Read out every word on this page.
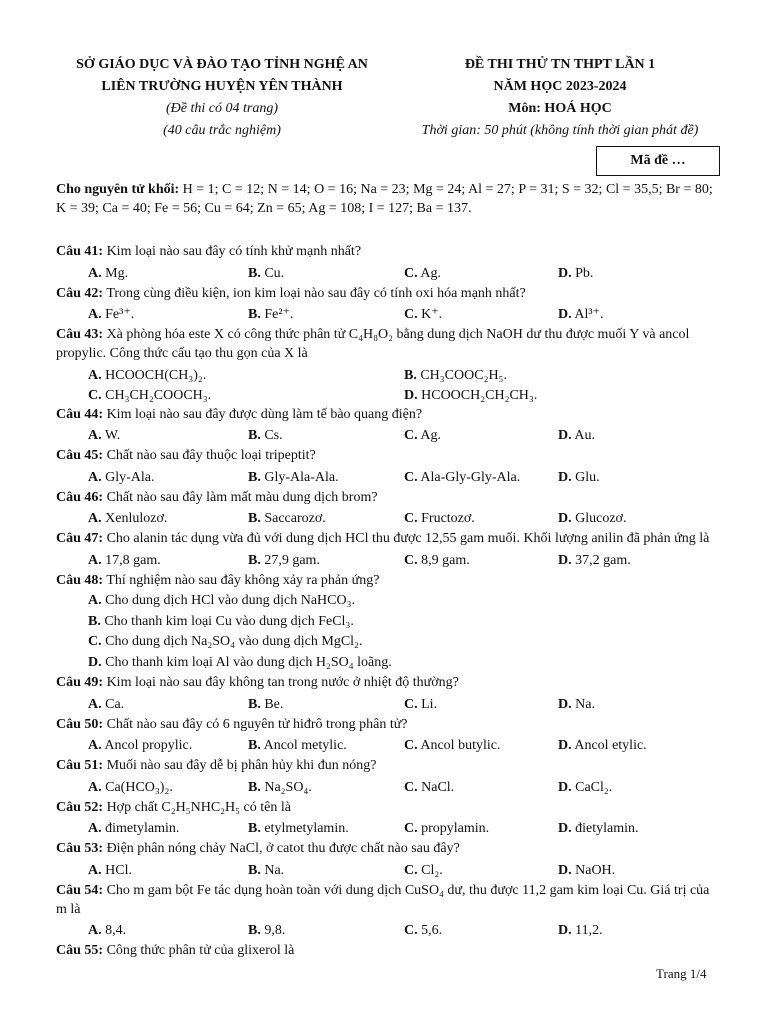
SỞ GIÁO DỤC VÀ ĐÀO TẠO TỈNH NGHỆ AN
LIÊN TRƯỜNG HUYỆN YÊN THÀNH
(Đề thi có 04 trang)
(40 câu trắc nghiệm)
ĐỀ THI THỬ TN THPT LẦN 1
NĂM HỌC 2023-2024
Môn: HOÁ HỌC
Thời gian: 50 phút (không tính thời gian phát đề)
Mã đề …
Cho nguyên tử khối: H = 1; C = 12; N = 14; O = 16; Na = 23; Mg = 24; Al = 27; P = 31; S = 32; Cl = 35,5; Br = 80; K = 39; Ca = 40; Fe = 56; Cu = 64; Zn = 65; Ag = 108; I = 127; Ba = 137.
Câu 41: Kim loại nào sau đây có tính khử mạnh nhất?
A. Mg.	B. Cu.	C. Ag.	D. Pb.
Câu 42: Trong cùng điều kiện, ion kim loại nào sau đây có tính oxi hóa mạnh nhất?
A. Fe³⁺.	B. Fe²⁺.	C. K⁺.	D. Al³⁺.
Câu 43: Xà phòng hóa este X có công thức phân tử C₄H₈O₂ bằng dung dịch NaOH dư thu được muối Y và ancol propylic. Công thức cấu tạo thu gọn của X là
A. HCOOCH(CH₃)₂.	B. CH₃COOC₂H₅.
C. CH₃CH₂COOCH₃.	D. HCOOCH₂CH₂CH₃.
Câu 44: Kim loại nào sau đây được dùng làm tế bào quang điện?
A. W.	B. Cs.	C. Ag.	D. Au.
Câu 45: Chất nào sau đây thuộc loại tripeptit?
A. Gly-Ala.	B. Gly-Ala-Ala.	C. Ala-Gly-Gly-Ala.	D. Glu.
Câu 46: Chất nào sau đây làm mất màu dung dịch brom?
A. Xenlulozơ.	B. Saccarozơ.	C. Fructozơ.	D. Glucozơ.
Câu 47: Cho alanin tác dụng vừa đủ với dung dịch HCl thu được 12,55 gam muối. Khối lượng anilin đã phản ứng là
A. 17,8 gam.	B. 27,9 gam.	C. 8,9 gam.	D. 37,2 gam.
Câu 48: Thí nghiệm nào sau đây không xảy ra phản ứng?
A. Cho dung dịch HCl vào dung dịch NaHCO₃.
B. Cho thanh kim loại Cu vào dung dịch FeCl₃.
C. Cho dung dịch Na₂SO₄ vào dung dịch MgCl₂.
D. Cho thanh kim loại Al vào dung dịch H₂SO₄ loãng.
Câu 49: Kim loại nào sau đây không tan trong nước ở nhiệt độ thường?
A. Ca.	B. Be.	C. Li.	D. Na.
Câu 50: Chất nào sau đây có 6 nguyên tử hiđrô trong phân tử?
A. Ancol propylic.	B. Ancol metylic.	C. Ancol butylic.	D. Ancol etylic.
Câu 51: Muối nào sau đây dễ bị phân hủy khi đun nóng?
A. Ca(HCO₃)₂.	B. Na₂SO₄.	C. NaCl.	D. CaCl₂.
Câu 52: Hợp chất C₂H₅NHC₂H₅ có tên là
A. đimetylamin.	B. etylmetylamin.	C. propylamin.	D. đietylamin.
Câu 53: Điện phân nóng chảy NaCl, ở catot thu được chất nào sau đây?
A. HCl.	B. Na.	C. Cl₂.	D. NaOH.
Câu 54: Cho m gam bột Fe tác dụng hoàn toàn với dung dịch CuSO₄ dư, thu được 11,2 gam kim loại Cu. Giá trị của m là
A. 8,4.	B. 9,8.	C. 5,6.	D. 11,2.
Câu 55: Công thức phân tử của glixerol là
Trang 1/4
